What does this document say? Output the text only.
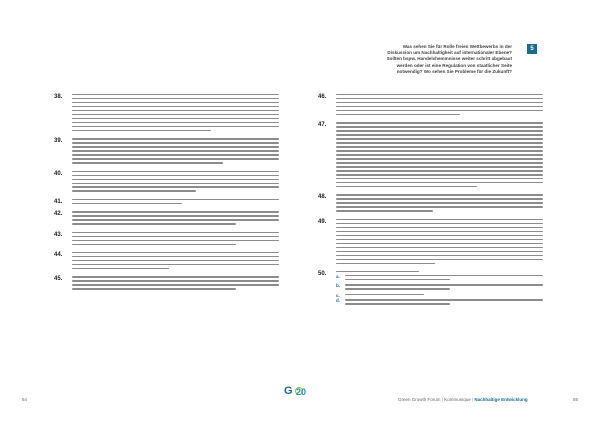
Was sehen Sie für Rolle freien Wettbewerbs in der
Diskussion um Nachhaltigkeit auf internationaler Ebene?
Sollten bspw. Handelshemmnisse weiter schritt abgebaut
werden oder ist eine Regulation von staatlicher Seite
notwendig? Wo sehen Sie Probleme für die Zukunft?
5
38.
39.
40.
41.
42.
43.
44.
45.
46.
47.
48.
49.
50. a.
b.
c.
d.
64
G 20
Green Growth Forum | Kommunique | Nachhaltige Entwicklung	65
